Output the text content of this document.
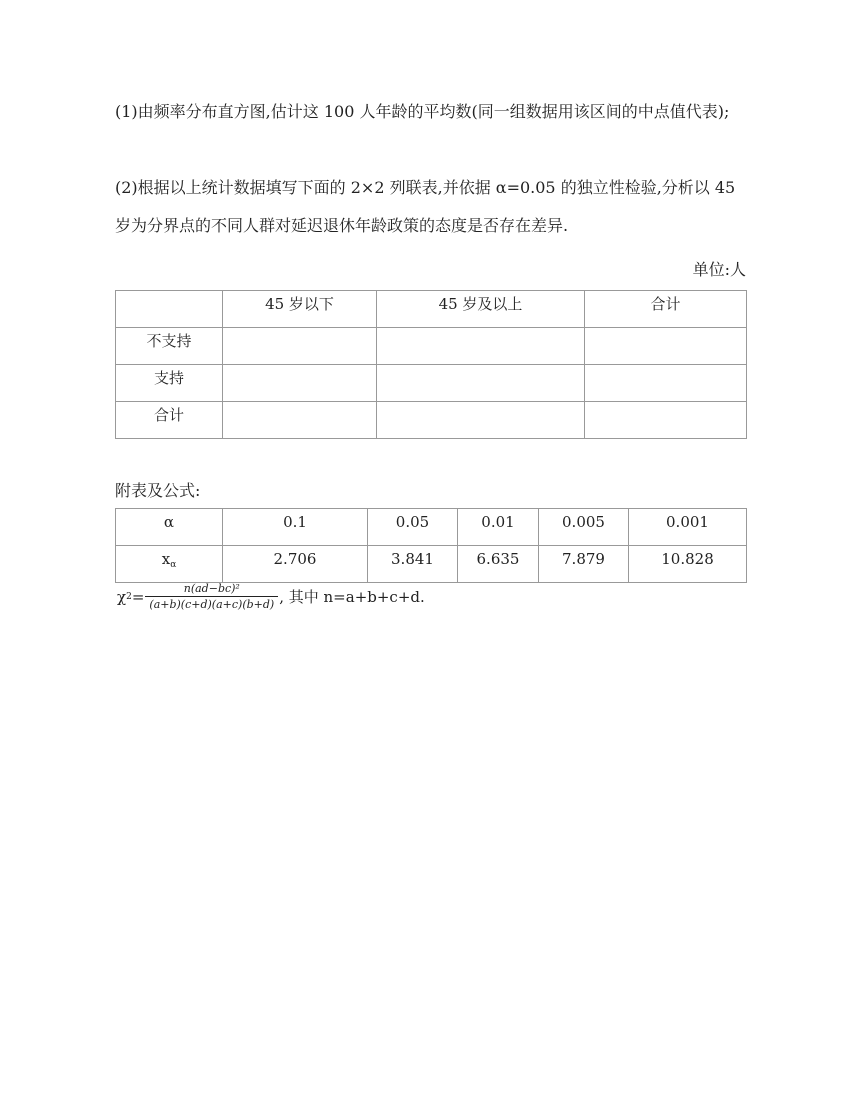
(1)由频率分布直方图,估计这 100 人年龄的平均数(同一组数据用该区间的中点值代表);

(2)根据以上统计数据填写下面的 2×2 列联表,并依据 α=0.05 的独立性检验,分析以 45 岁为分界点的不同人群对延迟退休年龄政策的态度是否存在差异.

单位:人
	45 岁以下	45 岁及以上	合计
不支持			
支持			
合计			
附表及公式:
α	0.1	0.05	0.01	0.005	0.001
$x_\alpha$	2.706	3.841	6.635	7.879	10.828
χ $2 = \frac{\text{n(ad−bc)²}}{(a+b)(c+d)(a+c)(b+d)}$ , 其中 n=a+b+c+d.
